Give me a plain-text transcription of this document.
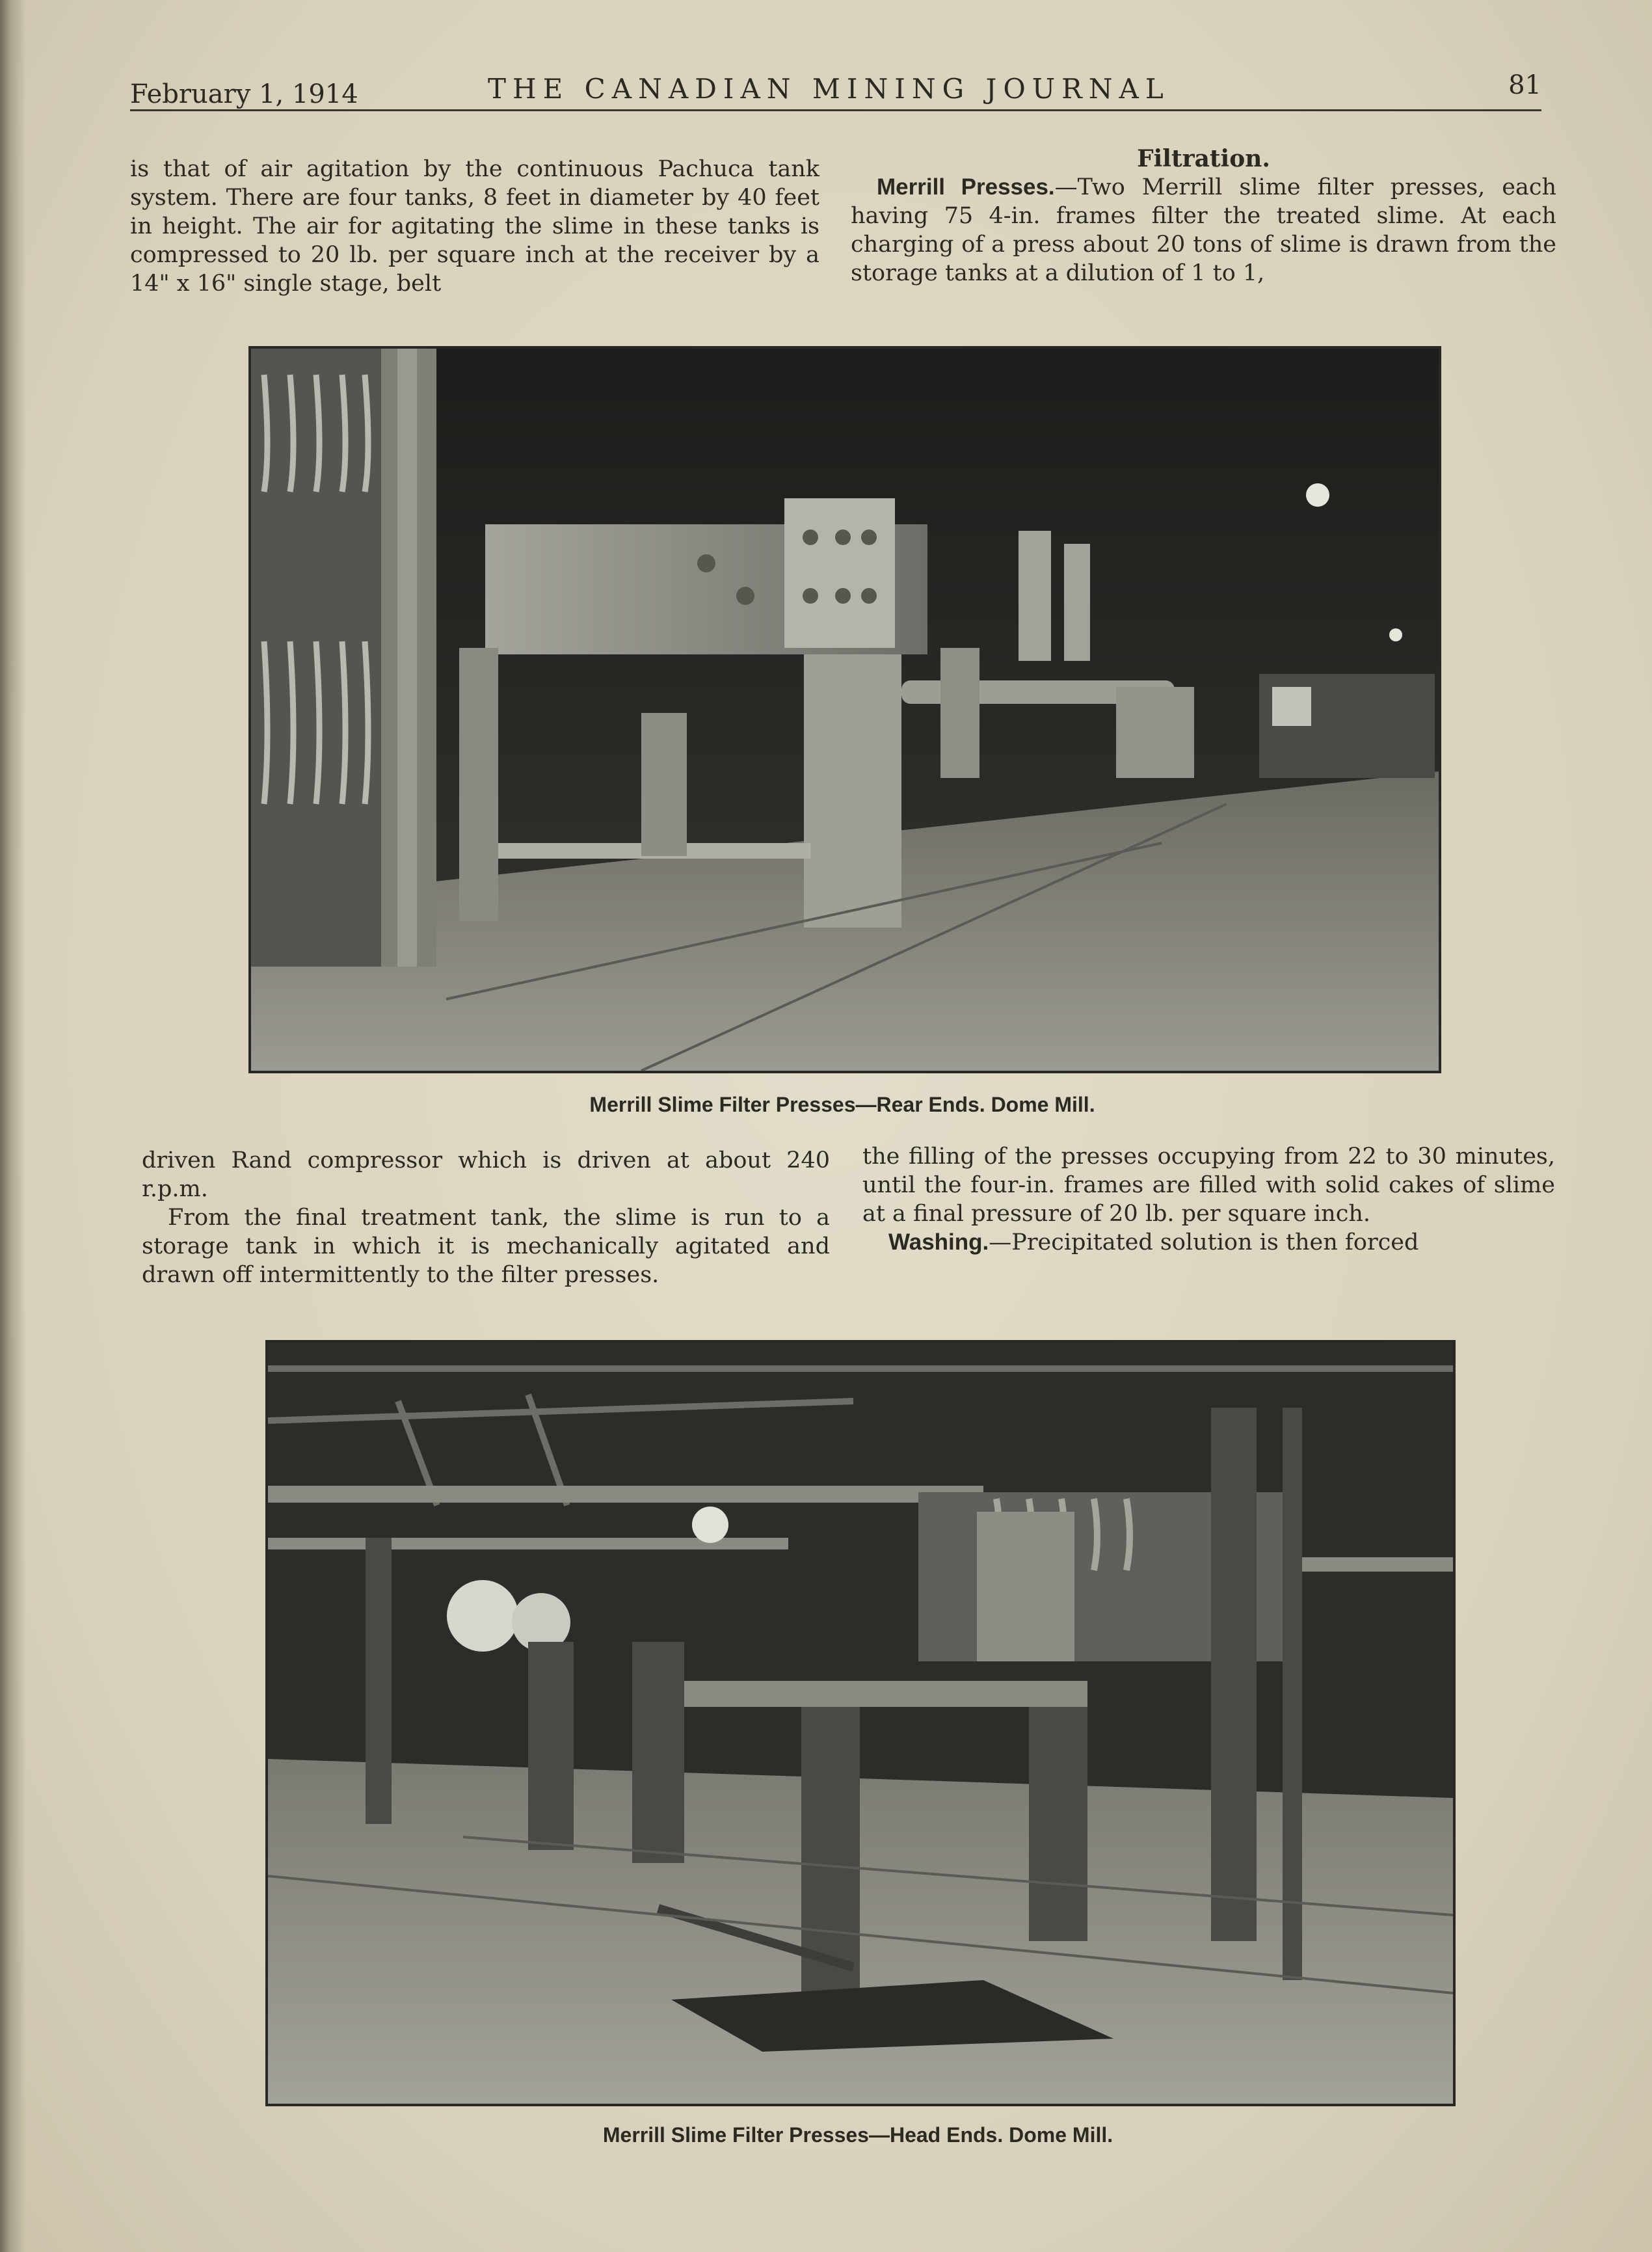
February 1, 1914	THE CANADIAN MINING JOURNAL	81

is that of air agitation by the continuous Pachuca tank system. There are four tanks, 8 feet in diameter by 40 feet in height. The air for agitating the slime in these tanks is compressed to 20 lb. per square inch at the receiver by a 14" x 16" single stage, belt

Filtration.

Merrill Presses.—Two Merrill slime filter presses, each having 75 4-in. frames filter the treated slime. At each charging of a press about 20 tons of slime is drawn from the storage tanks at a dilution of 1 to 1,

Merrill Slime Filter Presses—Rear Ends. Dome Mill.

driven Rand compressor which is driven at about 240 r.p.m.

From the final treatment tank, the slime is run to a storage tank in which it is mechanically agitated and drawn off intermittently to the filter presses.

the filling of the presses occupying from 22 to 30 minutes, until the four-in. frames are filled with solid cakes of slime at a final pressure of 20 lb. per square inch.

Washing.—Precipitated solution is then forced

Merrill Slime Filter Presses—Head Ends. Dome Mill.
